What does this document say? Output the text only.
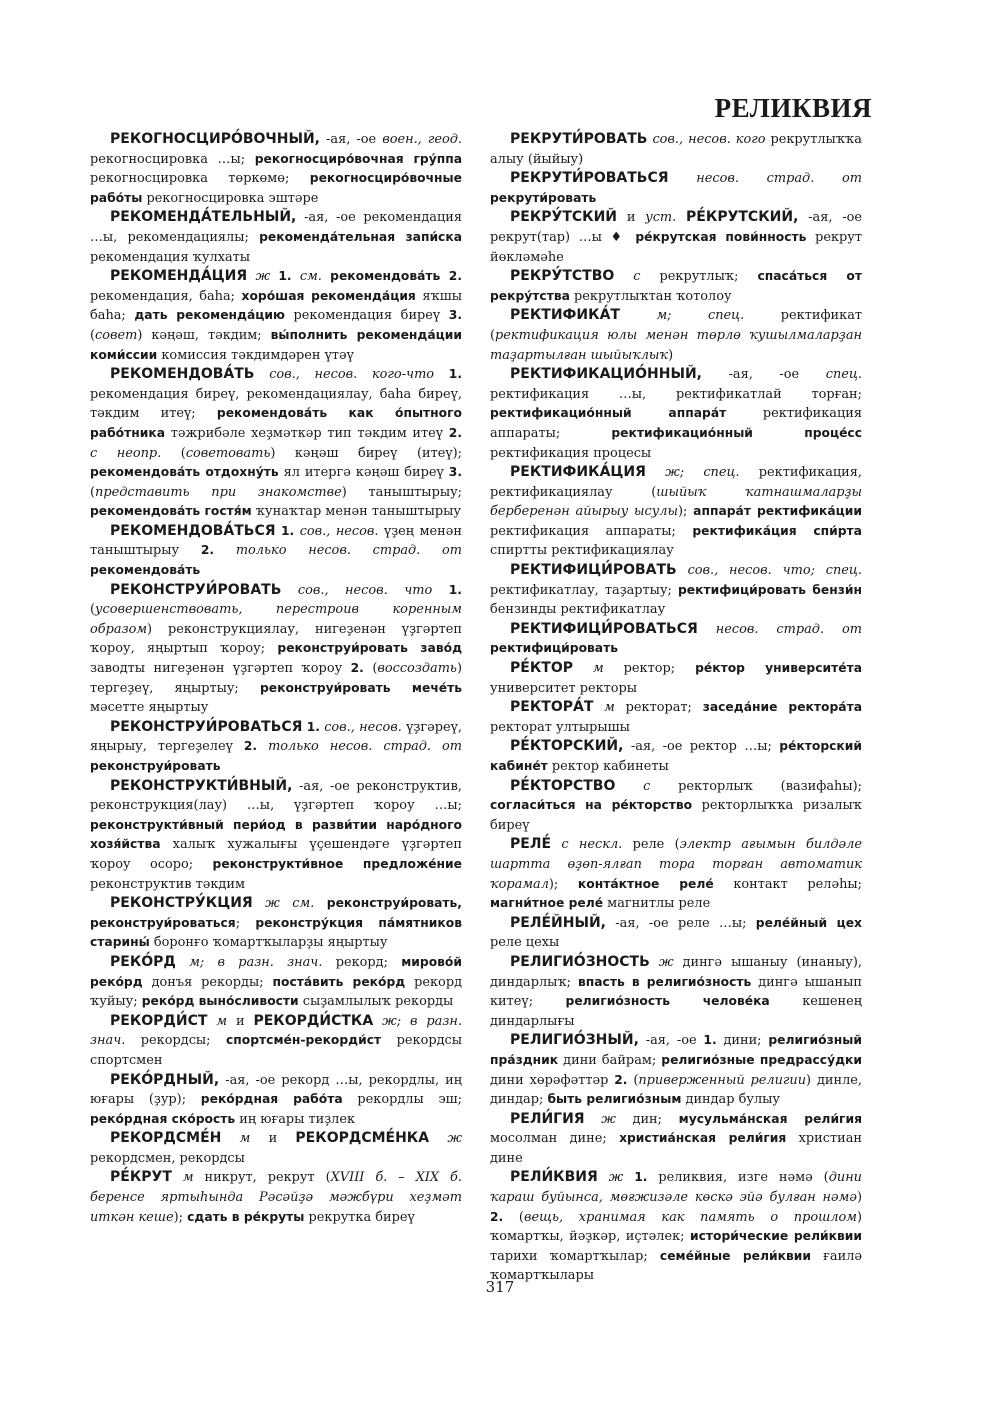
РЕЛИКВИЯ

РЕКОГНОСЦИРО́ВОЧНЫЙ, -ая, -ое воен., геод. рекогносцировка …ы; рекогносциро́вочная гру́ппа рекогносцировка төркөмө; рекогносциро́вочные рабо́ты рекогносцировка эштәре

РЕКОМЕНДА́ТЕЛЬНЫЙ, -ая, -ое рекомендация …ы, рекомендациялы; рекоменда́тельная запи́ска рекомендация ҡулхаты

РЕКОМЕНДА́ЦИЯ ж 1. см. рекомендова́ть 2. рекомендация, баһа; хоро́шая рекоменда́ция яҡшы баһа; дать рекоменда́цию рекомендация биреү 3. (совет) кәңәш, тәкдим; вы́полнить рекоменда́ции коми́ссии комиссия тәкдимдәрен үтәү

РЕКОМЕНДОВА́ТЬ сов., несов. кого-что 1. рекомендация биреү, рекомендациялау, баһа биреү, тәкдим итеү; рекомендова́ть как о́пытного рабо́тника тәжрибәле хеҙмәткәр тип тәкдим итеү 2. с неопр. (советовать) кәңәш биреү (итеү); рекомендова́ть отдохну́ть ял итергә кәңәш биреү 3. (представить при знакомстве) таныштырыу; рекомендова́ть гостя́м ҡунаҡтар менән таныштырыу

РЕКОМЕНДОВА́ТЬСЯ 1. сов., несов. үҙең менән таныштырыу 2. только несов. страд. от рекомендова́ть

РЕКОНСТРУИ́РОВАТЬ сов., несов. что 1. (усовершенствовать, перестроив коренным образом) реконструкциялау, нигеҙенән үҙгәртеп ҡороу, яңыртып ҡороу; реконструи́ровать заво́д заводты нигеҙенән үҙгәртеп ҡороу 2. (воссоздать) тергеҙеү, яңыртыу; реконструи́ровать мече́ть мәсетте яңыртыу

РЕКОНСТРУИ́РОВАТЬСЯ 1. сов., несов. үҙгәреү, яңырыу, тергеҙелеү 2. только несов. страд. от реконструи́ровать

РЕКОНСТРУКТИ́ВНЫЙ, -ая, -ое реконструктив, реконструкция(лау) …ы, үҙгәртеп ҡороу …ы; реконструкти́вный пери́од в разви́тии наро́дного хозя́йства халыҡ хужалығы үҫешендәге үҙгәртеп ҡороу осоро; реконструкти́вное предложе́ние реконструктив тәкдим

РЕКОНСТРУ́КЦИЯ ж см. реконструи́ровать, реконструи́роваться; реконстру́кция па́мятников старины́ боронғо ҡомартҡыларҙы яңыртыу

РЕКО́РД м; в разн. знач. рекорд; мирово́й реко́рд донъя рекорды; поста́вить реко́рд рекорд ҡуйыу; реко́рд выно́сливости сыҙамлылыҡ рекорды

РЕКОРДИ́СТ м и РЕКОРДИ́СТКА ж; в разн. знач. рекордсы; спортсме́н-рекорди́ст рекордсы спортсмен

РЕКО́РДНЫЙ, -ая, -ое рекорд …ы, рекордлы, иң юғары (ҙур); реко́рдная рабо́та рекордлы эш; реко́рдная ско́рость иң юғары тиҙлек

РЕКОРДСМЕ́Н м и РЕКОРДСМЕ́НКА ж рекордсмен, рекордсы

РЕ́КРУТ м никрут, рекрут (XVIII б. – XIX б. беренсе яртыһында Рәсәйҙә мәжбүри хеҙмәт иткән кеше); сдать в ре́круты рекрутка биреү

РЕКРУТИ́РОВАТЬ сов., несов. кого рекрутлыҡҡа алыу (йыйыу)

РЕКРУТИ́РОВАТЬСЯ несов. страд. от рекрути́ровать

РЕКРУ́ТСКИЙ и уст. РЕ́КРУТСКИЙ, -ая, -ое рекрут(тар) …ы ♦ ре́крутская пови́нность рекрут йөкләмәһе

РЕКРУ́ТСТВО с рекрутлыҡ; спаса́ться от рекру́тства рекрутлыҡтан ҡотолоу

РЕКТИФИКА́Т	м; спец. ректификат (ректификация юлы менән төрлө ҡушылмаларҙан таҙартылған шыйыҡлыҡ)

РЕКТИФИКАЦИО́ННЫЙ, -ая, -ое спец. ректификация …ы, ректификатлай торған; ректификацио́нный аппара́т ректификация аппараты; ректификацио́нный проце́сс ректификация процесы

РЕКТИФИКА́ЦИЯ ж; спец. ректификация, ректификациялау (шыйыҡ ҡатнашмаларҙы берберенән айырыу ысулы); аппара́т ректифика́ции ректификация аппараты; ректифика́ция спи́рта спиртты ректификациялау

РЕКТИФИЦИ́РОВАТЬ сов., несов. что; спец. ректификатлау, таҙартыу; ректифици́ровать бензи́н бензинды ректификатлау

РЕКТИФИЦИ́РОВАТЬСЯ несов. страд. от ректифици́ровать

РЕ́КТОР м ректор; ре́ктор университе́та университет ректоры

РЕКТОРА́Т м ректорат; заседа́ние ректора́та ректорат ултырышы

РЕ́КТОРСКИЙ, -ая, -ое ректор …ы; ре́кторский кабине́т ректор кабинеты

РЕ́КТОРСТВО с ректорлыҡ (вазифаһы); согласи́ться на ре́кторство ректорлыҡҡа ризалыҡ биреү

РЕЛЕ́ с нескл. реле (электр ағымын билдәле шартта өҙөп-ялғап тора торған автоматик ҡорамал); конта́ктное реле́ контакт реләһы; магни́тное реле́ магнитлы реле

РЕЛЕ́ЙНЫЙ, -ая, -ое реле …ы; реле́йный цех реле цехы

РЕЛИГИО́ЗНОСТЬ ж дингә ышаныу (инаныу), диндарлыҡ; впасть в религио́зность дингә ышанып китеү; религио́зность челове́ка кешенең диндарлығы

РЕЛИГИО́ЗНЫЙ, -ая, -ое 1. дини; религио́зный пра́здник дини байрам; религио́зные предрассу́дки дини хөрәфәттәр 2. (приверженный религии) динле, диндар; быть религио́зным диндар булыу

РЕЛИ́ГИЯ ж дин; мусульма́нская рели́гия мосолман дине; христиа́нская рели́гия христиан дине

РЕЛИ́КВИЯ ж 1. реликвия, изге нәмә (дини ҡараш буйынса, мөғжизәле көскә эйә булған нәмә) 2. (вещь, хранимая как память о прошлом) ҡомартҡы, йәҙкәр, иҫтәлек; истори́ческие рели́квии тарихи ҡомартҡылар; семе́йные рели́квии ғаилә ҡомартҡылары

317
